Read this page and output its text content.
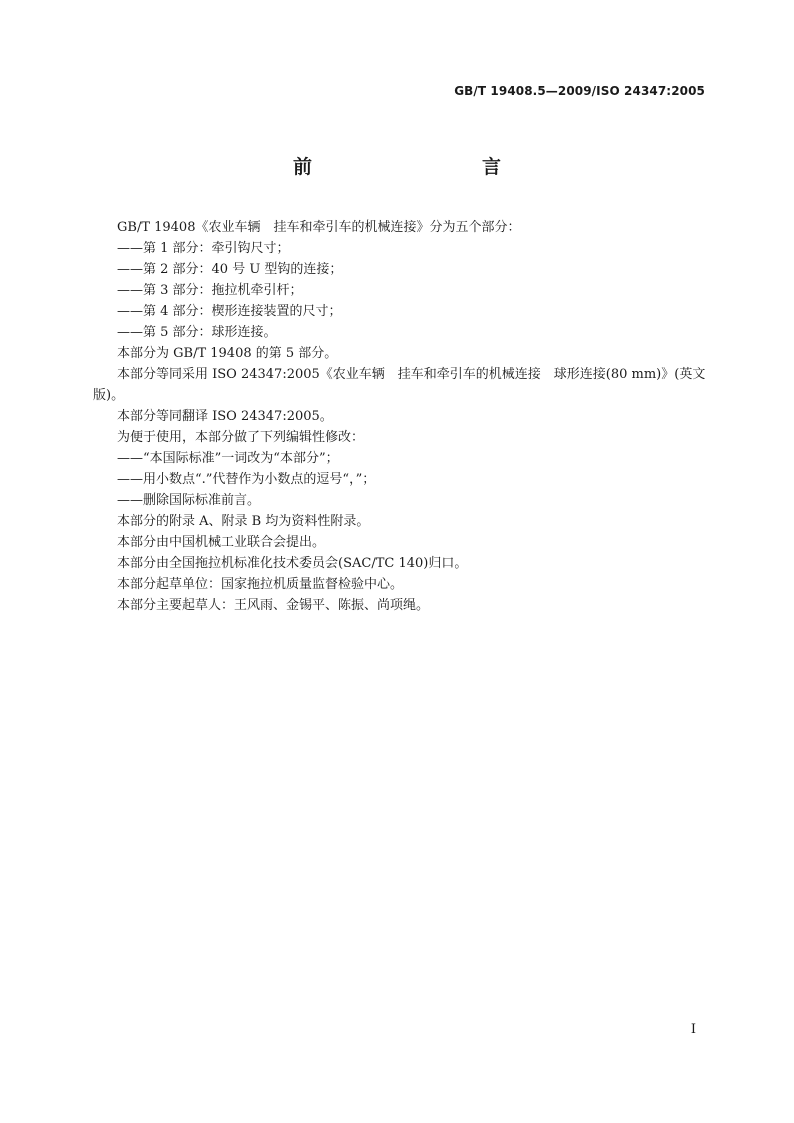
GB/T 19408.5—2009/ISO 24347:2005
前　　言

GB/T 19408《农业车辆　挂车和牵引车的机械连接》分为五个部分：

——第 1 部分：牵引钩尺寸；

——第 2 部分：40 号 U 型钩的连接；

——第 3 部分：拖拉机牵引杆；

——第 4 部分：楔形连接装置的尺寸；

——第 5 部分：球形连接。

本部分为 GB/T 19408 的第 5 部分。

本部分等同采用 ISO 24347:2005《农业车辆　挂车和牵引车的机械连接　球形连接(80 mm)》(英文版)。

本部分等同翻译 ISO 24347:2005。

为便于使用，本部分做了下列编辑性修改：

——“本国际标准”一词改为“本部分”；

——用小数点“.”代替作为小数点的逗号“，”；

——删除国际标准前言。

本部分的附录 A、附录 B 均为资料性附录。

本部分由中国机械工业联合会提出。

本部分由全国拖拉机标准化技术委员会(SAC/TC 140)归口。

本部分起草单位：国家拖拉机质量监督检验中心。

本部分主要起草人：王风雨、金锡平、陈振、尚项绳。

I
